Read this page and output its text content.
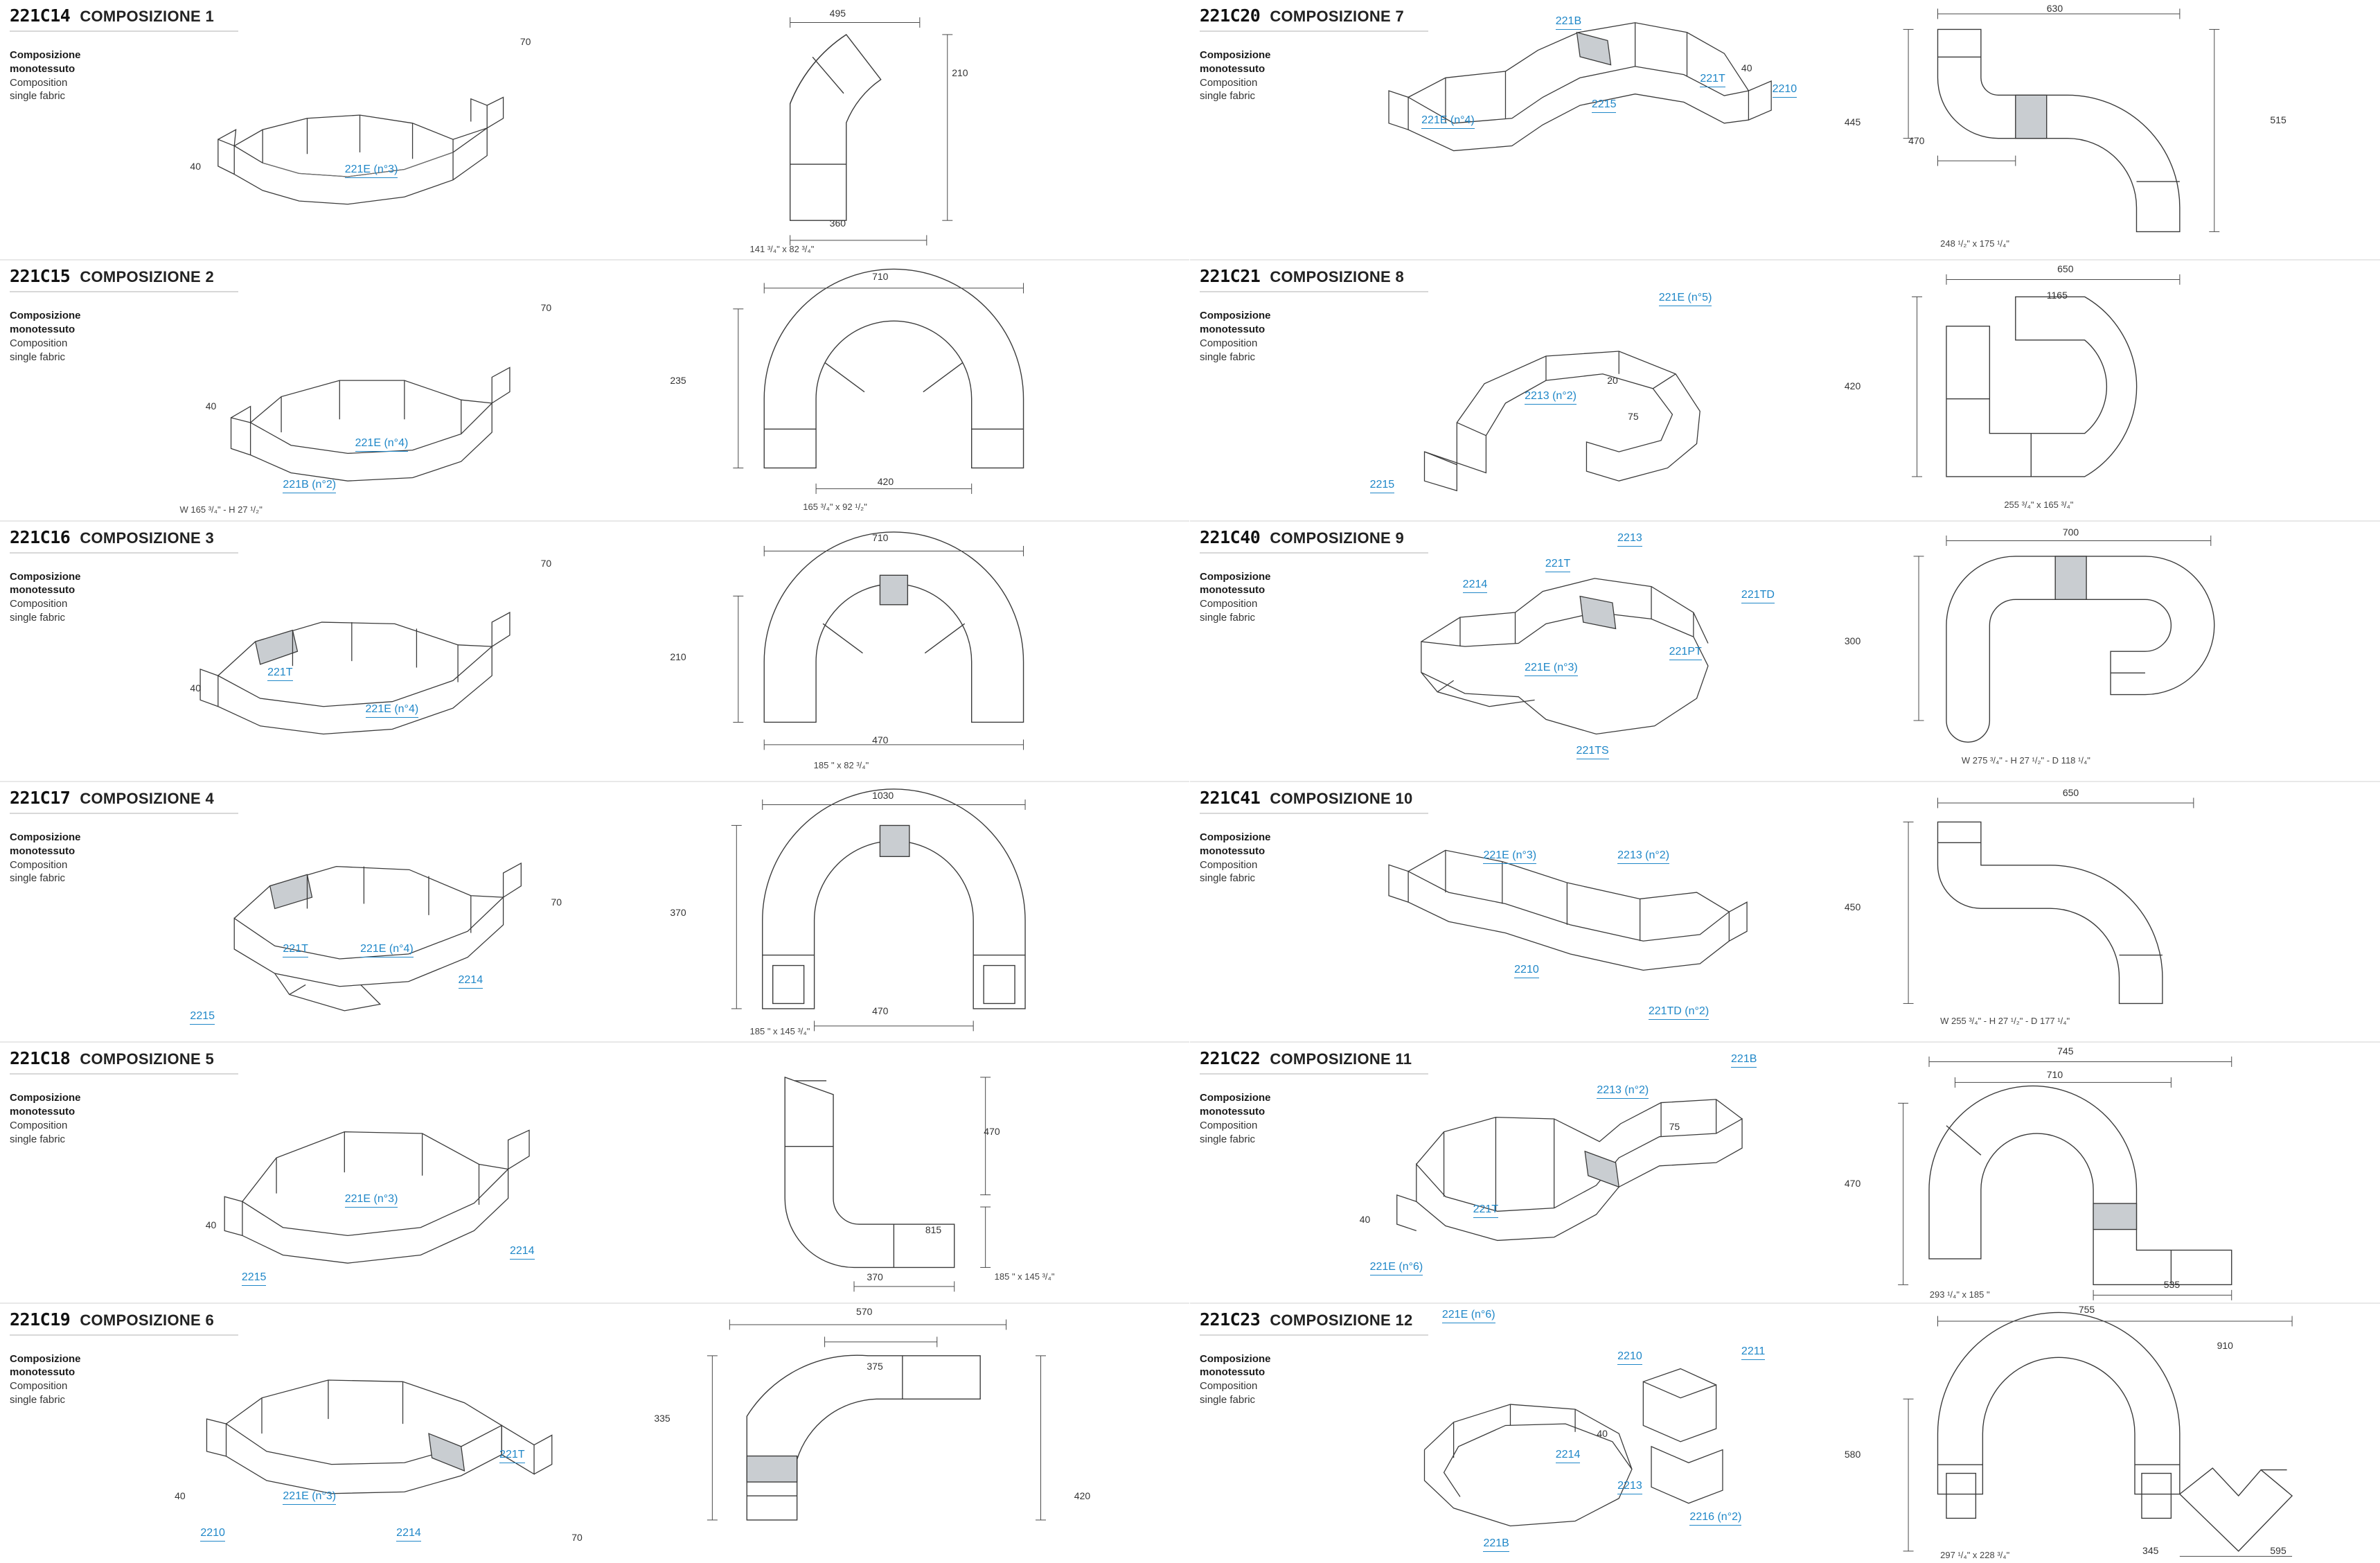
221C14 COMPOSIZIONE 1
Composizione
monotessuto
Composition
single fabric
70
40	221E (n°3)
495
210
360
141 ³/₄" x 82 ³/₄"
221C15 COMPOSIZIONE 2
Composizione
monotessuto
Composition
single fabric
70
40
221E (n°4)
221B (n°2)
W 165 ³/₄" - H 27 ¹/₂"
710
235
420
165 ³/₄" x 92 ¹/₂"
221C16 COMPOSIZIONE 3
Composizione
monotessuto
Composition
single fabric
70
40
221T
221E (n°4)
710
210
470
185 " x 82 ³/₄"
221C17 COMPOSIZIONE 4
Composizione
monotessuto
Composition
single fabric
70
221T	221E (n°4)
2214
2215
1030
370
470
185 " x 145 ³/₄"
221C18 COMPOSIZIONE 5
Composizione
monotessuto
Composition
single fabric
40
221E (n°3)
2214
2215
470
815
370	185 " x 145 ³/₄"
221C19 COMPOSIZIONE 6
Composizione
monotessuto
Composition
single fabric
40
70
221T
221E (n°3)
2214
2210
570
335
375
420
221C20 COMPOSIZIONE 7
Composizione
monotessuto
Composition
single fabric
221B
221T
2215
2210
221E (n°4)
40
630
515
445
470
248 ¹/₂" x 175 ¹/₄"
221C21 COMPOSIZIONE 8
Composizione
monotessuto
Composition
single fabric
221E (n°5)
2213 (n°2)
2215
20
75
650
1165
420
255 ³/₄" x 165 ³/₄"
221C40 COMPOSIZIONE 9
Composizione
monotessuto
Composition
single fabric
2213
221T
2214
221TD
221PT
221E (n°3)
221TS
700
300
W 275 ³/₄" - H 27 ¹/₂" - D 118 ¹/₄"
221C41 COMPOSIZIONE 10
Composizione
monotessuto
Composition
single fabric
221E (n°3)	2213 (n°2)
2210
221TD (n°2)
650
450
W 255 ³/₄" - H 27 ¹/₂" - D 177 ¹/₄"
221C22 COMPOSIZIONE 11
Composizione
monotessuto
Composition
single fabric
221B
2213 (n°2)
221T
221E (n°6)
40
75
745
710
470
535
293 ¹/₄" x 185 "
221C23 COMPOSIZIONE 12
Composizione
monotessuto
Composition
single fabric
221E (n°6)
2210	2211
2214
2213
2216 (n°2)
221B
40
755
910
580
345	595
297 ¹/₄" x 228 ³/₄"
